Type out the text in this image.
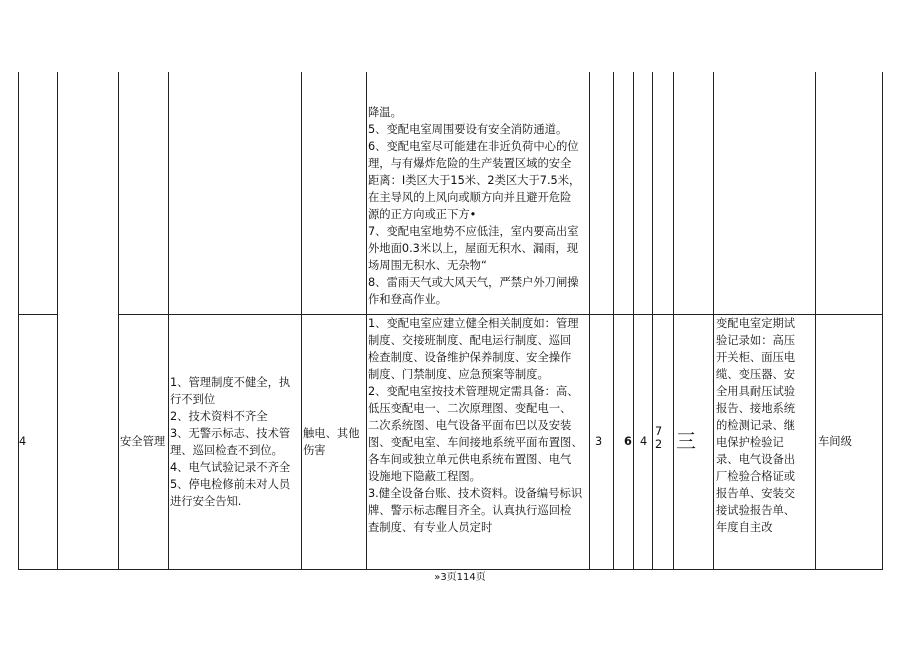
降温。
5、变配电室周围要设有安全消防通道。
6、变配电室尽可能建在非近负荷中心的位
理，与有爆炸危险的生产装置区域的安全
距离：I类区大于15米、2类区大于7.5米，
在主导风的上风向或顺方向并且避开危险
源的正方向或正下方•
7、变配电室地势不应低洼，室内要高出室
外地面0.3米以上，屋面无积水、漏雨，现
场周围无积水、无杂物“
8、雷雨天气或大风天气，严禁户外刀闸操
作和登高作业。
4	安全管理
1、管理制度不健全，执
行不到位
2、技术资料不齐全
3、无警示标志、技术管
理、巡回检查不到位。
4、电气试验记录不齐全
5、停电检修前未对人员
进行安全告知.
触电、其他
伤害
1、变配电室应建立健全相关制度如：管理
制度、交接班制度、配电运行制度、巡回
检查制度、设备维护保养制度、安全操作
制度、门禁制度、应急预案等制度。
2、变配电室按技术管理规定需具备：高、
低压变配电一、二次原理图、变配电一、
二次系统图、电气设备平面布巴以及安装
图、变配电室、车间接地系统平面布置图、
各车间或独立单元供电系统布置图、电气
设施地下隐蔽工程图。
3.健全设备台账、技术资料。设备编号标识
牌、警示标志醒目齐全。认真执行巡回检
查制度、有专业人员定时
3 6 4
7
2 三
变配电室定期试
验记录如：高压
开关柜、面压电
缆、变压器、安
全用具耐压试验
报告、接地系统
的检测记录、继
电保护检验记
录、电气设备出
厂检验合格证或
报告单、安装交
接试验报告单、
年度自主改
车间级
»3页114页
